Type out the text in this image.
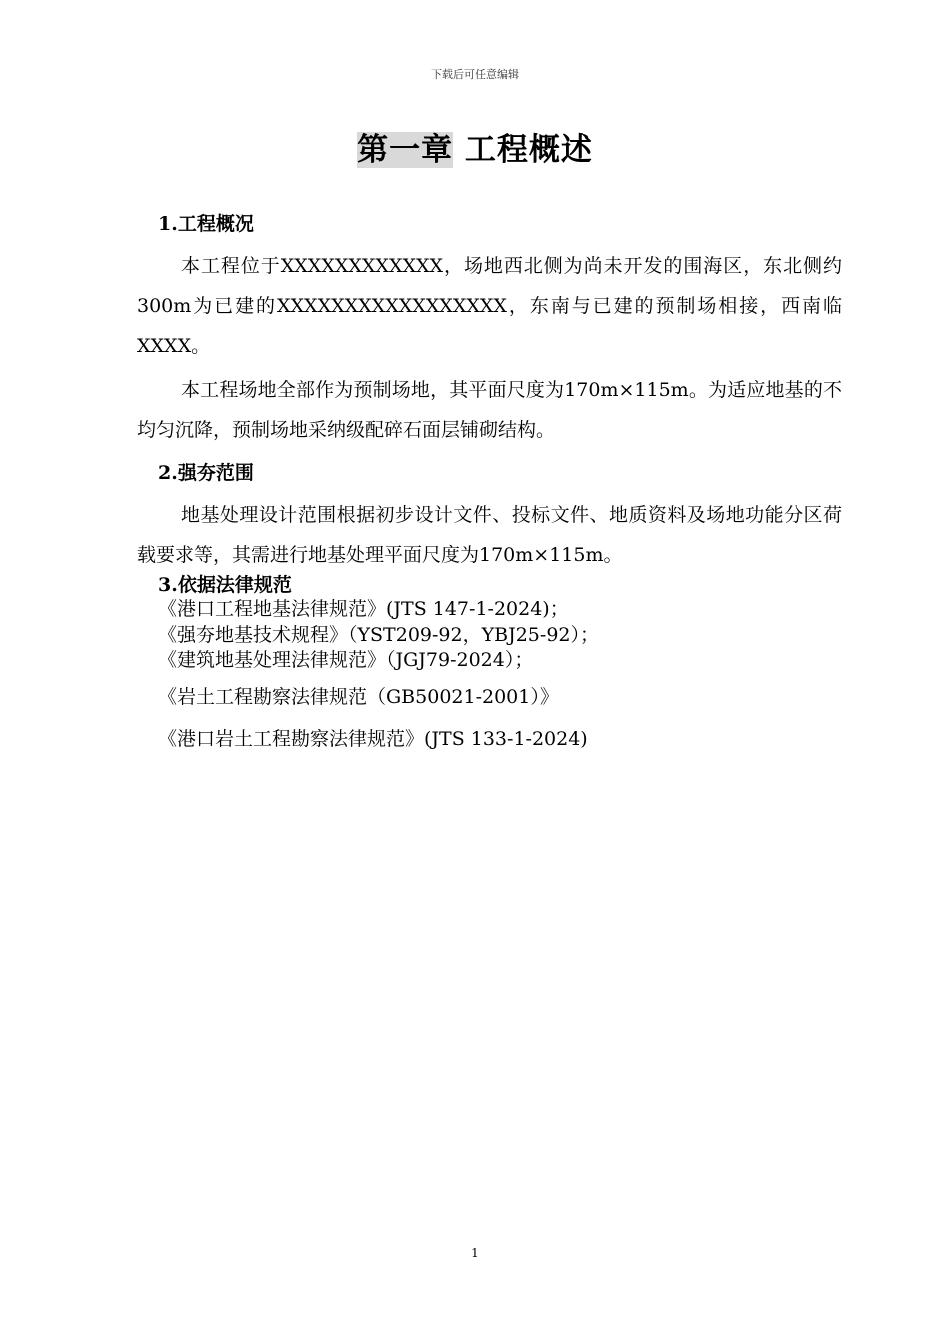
下载后可任意编辑
第一章 工程概述
1.工程概况
本工程位于XXXXXXXXXXXX，场地西北侧为尚未开发的围海区，东北侧约300m为已建的XXXXXXXXXXXXXXXXX，东南与已建的预制场相接，西南临XXXX。
本工程场地全部作为预制场地，其平面尺度为170m×115m。为适应地基的不均匀沉降，预制场地采纳级配碎石面层铺砌结构。
2.强夯范围
地基处理设计范围根据初步设计文件、投标文件、地质资料及场地功能分区荷载要求等，其需进行地基处理平面尺度为170m×115m。
3.依据法律规范
《港口工程地基法律规范》(JTS 147-1-2024)；
《强夯地基技术规程》（YST209-92，YBJ25-92）；
《建筑地基处理法律规范》（JGJ79-2024）；
《岩土工程勘察法律规范（GB50021-2001）》
《港口岩土工程勘察法律规范》(JTS 133-1-2024)
1
